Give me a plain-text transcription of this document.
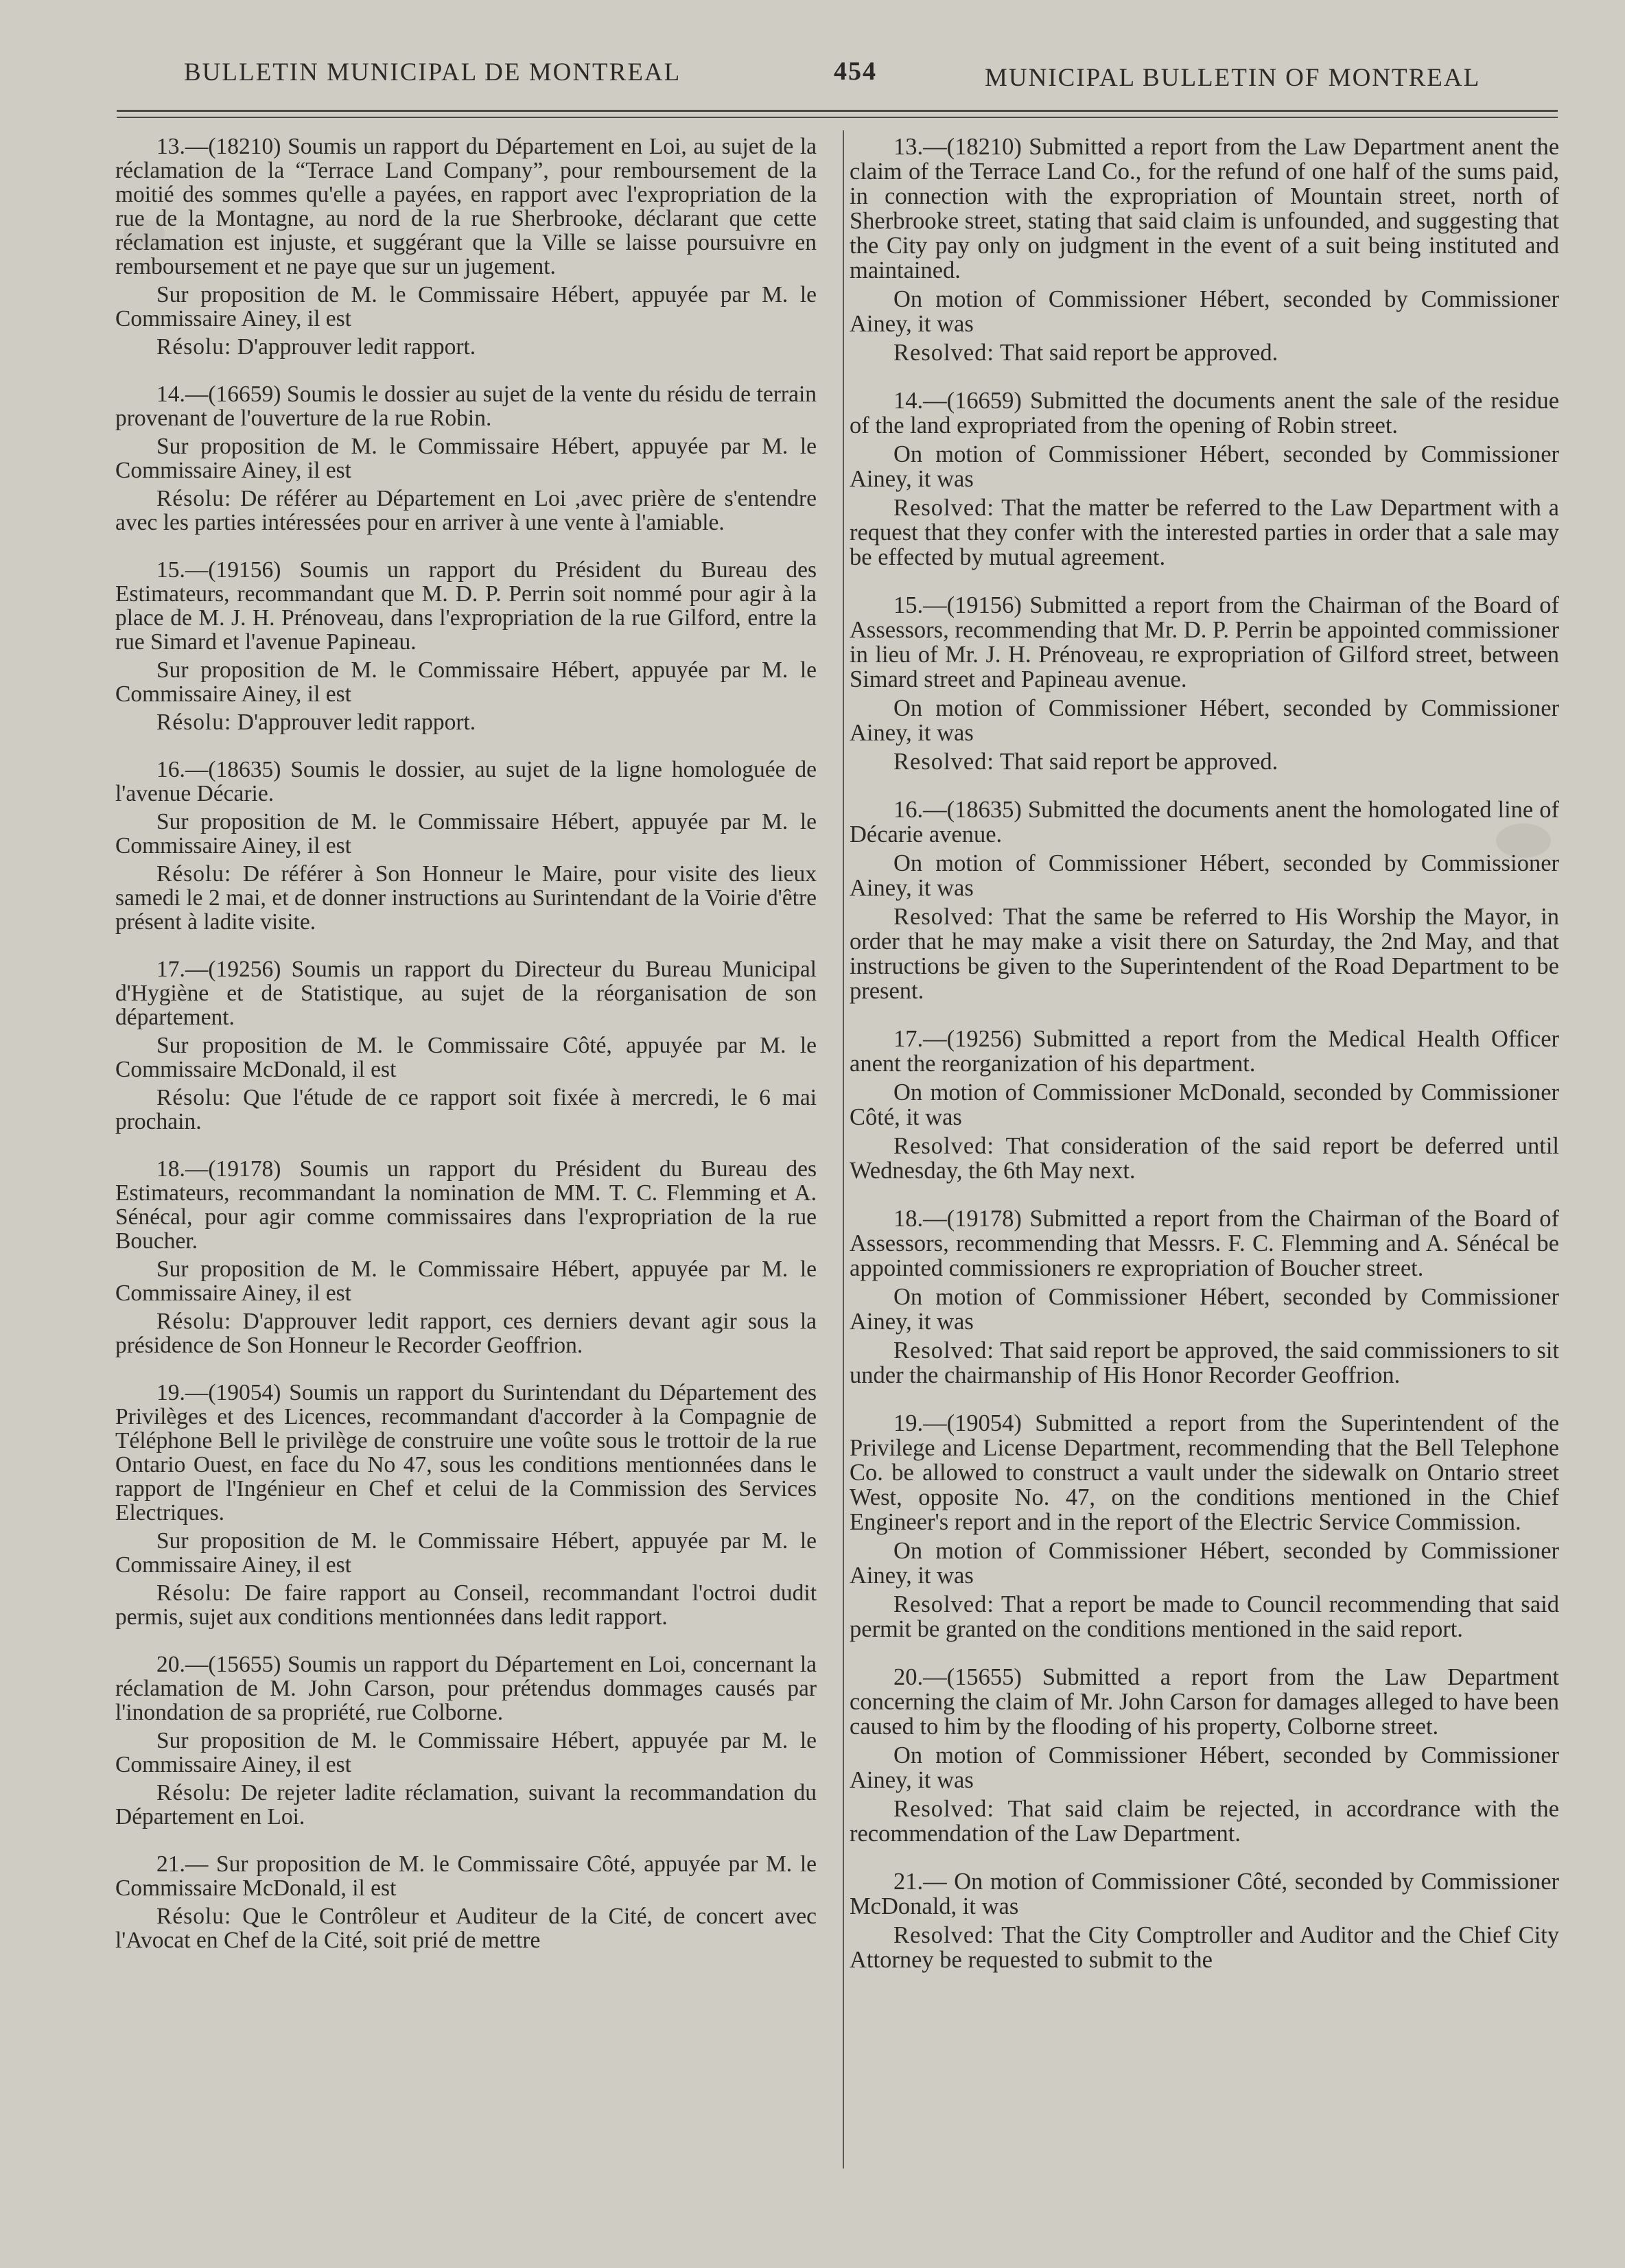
BULLETIN MUNICIPAL DE MONTREAL	454	MUNICIPAL BULLETIN OF MONTREAL

13.—(18210) Soumis un rapport du Département en Loi, au sujet de la réclamation de la “Terrace Land Company”, pour remboursement de la moitié des sommes qu'elle a payées, en rapport avec l'expropriation de la rue de la Montagne, au nord de la rue Sherbrooke, déclarant que cette réclamation est injuste, et suggérant que la Ville se laisse poursuivre en remboursement et ne paye que sur un jugement.

Sur proposition de M. le Commissaire Hébert, appuyée par M. le Commissaire Ainey, il est

Résolu: D'approuver ledit rapport.

14.—(16659) Soumis le dossier au sujet de la vente du résidu de terrain provenant de l'ouverture de la rue Robin.

Sur proposition de M. le Commissaire Hébert, appuyée par M. le Commissaire Ainey, il est

Résolu: De référer au Département en Loi ,avec prière de s'entendre avec les parties intéressées pour en arriver à une vente à l'amiable.

15.—(19156) Soumis un rapport du Président du Bureau des Estimateurs, recommandant que M. D. P. Perrin soit nommé pour agir à la place de M. J. H. Prénoveau, dans l'expropriation de la rue Gilford, entre la rue Simard et l'avenue Papineau.

Sur proposition de M. le Commissaire Hébert, appuyée par M. le Commissaire Ainey, il est

Résolu: D'approuver ledit rapport.

16.—(18635) Soumis le dossier, au sujet de la ligne homologuée de l'avenue Décarie.

Sur proposition de M. le Commissaire Hébert, appuyée par M. le Commissaire Ainey, il est

Résolu: De référer à Son Honneur le Maire, pour visite des lieux samedi le 2 mai, et de donner instructions au Surintendant de la Voirie d'être présent à ladite visite.

17.—(19256) Soumis un rapport du Directeur du Bureau Municipal d'Hygiène et de Statistique, au sujet de la réorganisation de son département.

Sur proposition de M. le Commissaire Côté, appuyée par M. le Commissaire McDonald, il est

Résolu: Que l'étude de ce rapport soit fixée à mercredi, le 6 mai prochain.

18.—(19178) Soumis un rapport du Président du Bureau des Estimateurs, recommandant la nomination de MM. T. C. Flemming et A. Sénécal, pour agir comme commissaires dans l'expropriation de la rue Boucher.

Sur proposition de M. le Commissaire Hébert, appuyée par M. le Commissaire Ainey, il est

Résolu: D'approuver ledit rapport, ces derniers devant agir sous la présidence de Son Honneur le Recorder Geoffrion.

19.—(19054) Soumis un rapport du Surintendant du Département des Privilèges et des Licences, recommandant d'accorder à la Compagnie de Téléphone Bell le privilège de construire une voûte sous le trottoir de la rue Ontario Ouest, en face du No 47, sous les conditions mentionnées dans le rapport de l'Ingénieur en Chef et celui de la Commission des Services Electriques.

Sur proposition de M. le Commissaire Hébert, appuyée par M. le Commissaire Ainey, il est

Résolu: De faire rapport au Conseil, recommandant l'octroi dudit permis, sujet aux conditions mentionnées dans ledit rapport.

20.—(15655) Soumis un rapport du Département en Loi, concernant la réclamation de M. John Carson, pour prétendus dommages causés par l'inondation de sa propriété, rue Colborne.

Sur proposition de M. le Commissaire Hébert, appuyée par M. le Commissaire Ainey, il est

Résolu: De rejeter ladite réclamation, suivant la recommandation du Département en Loi.

21.— Sur proposition de M. le Commissaire Côté, appuyée par M. le Commissaire McDonald, il est

Résolu: Que le Contrôleur et Auditeur de la Cité, de concert avec l'Avocat en Chef de la Cité, soit prié de mettre

13.—(18210) Submitted a report from the Law Department anent the claim of the Terrace Land Co., for the refund of one half of the sums paid, in connection with the expropriation of Mountain street, north of Sherbrooke street, stating that said claim is unfounded, and suggesting that the City pay only on judgment in the event of a suit being instituted and maintained.

On motion of Commissioner Hébert, seconded by Commissioner Ainey, it was

Resolved: That said report be approved.

14.—(16659) Submitted the documents anent the sale of the residue of the land expropriated from the opening of Robin street.

On motion of Commissioner Hébert, seconded by Commissioner Ainey, it was

Resolved: That the matter be referred to the Law Department with a request that they confer with the interested parties in order that a sale may be effected by mutual agreement.

15.—(19156) Submitted a report from the Chairman of the Board of Assessors, recommending that Mr. D. P. Perrin be appointed commissioner in lieu of Mr. J. H. Prénoveau, re expropriation of Gilford street, between Simard street and Papineau avenue.

On motion of Commissioner Hébert, seconded by Commissioner Ainey, it was

Resolved: That said report be approved.

16.—(18635) Submitted the documents anent the homologated line of Décarie avenue.

On motion of Commissioner Hébert, seconded by Commissioner Ainey, it was

Resolved: That the same be referred to His Worship the Mayor, in order that he may make a visit there on Saturday, the 2nd May, and that instructions be given to the Superintendent of the Road Department to be present.

17.—(19256) Submitted a report from the Medical Health Officer anent the reorganization of his department.

On motion of Commissioner McDonald, seconded by Commissioner Côté, it was

Resolved: That consideration of the said report be deferred until Wednesday, the 6th May next.

18.—(19178) Submitted a report from the Chairman of the Board of Assessors, recommending that Messrs. F. C. Flemming and A. Sénécal be appointed commissioners re expropriation of Boucher street.

On motion of Commissioner Hébert, seconded by Commissioner Ainey, it was

Resolved: That said report be approved, the said commissioners to sit under the chairmanship of His Honor Recorder Geoffrion.

19.—(19054) Submitted a report from the Superintendent of the Privilege and License Department, recommending that the Bell Telephone Co. be allowed to construct a vault under the sidewalk on Ontario street West, opposite No. 47, on the conditions mentioned in the Chief Engineer's report and in the report of the Electric Service Commission.

On motion of Commissioner Hébert, seconded by Commissioner Ainey, it was

Resolved: That a report be made to Council recommending that said permit be granted on the conditions mentioned in the said report.

20.—(15655) Submitted a report from the Law Department concerning the claim of Mr. John Carson for damages alleged to have been caused to him by the flooding of his property, Colborne street.

On motion of Commissioner Hébert, seconded by Commissioner Ainey, it was

Resolved: That said claim be rejected, in accordrance with the recommendation of the Law Department.

21.— On motion of Commissioner Côté, seconded by Commissioner McDonald, it was

Resolved: That the City Comptroller and Auditor and the Chief City Attorney be requested to submit to the
